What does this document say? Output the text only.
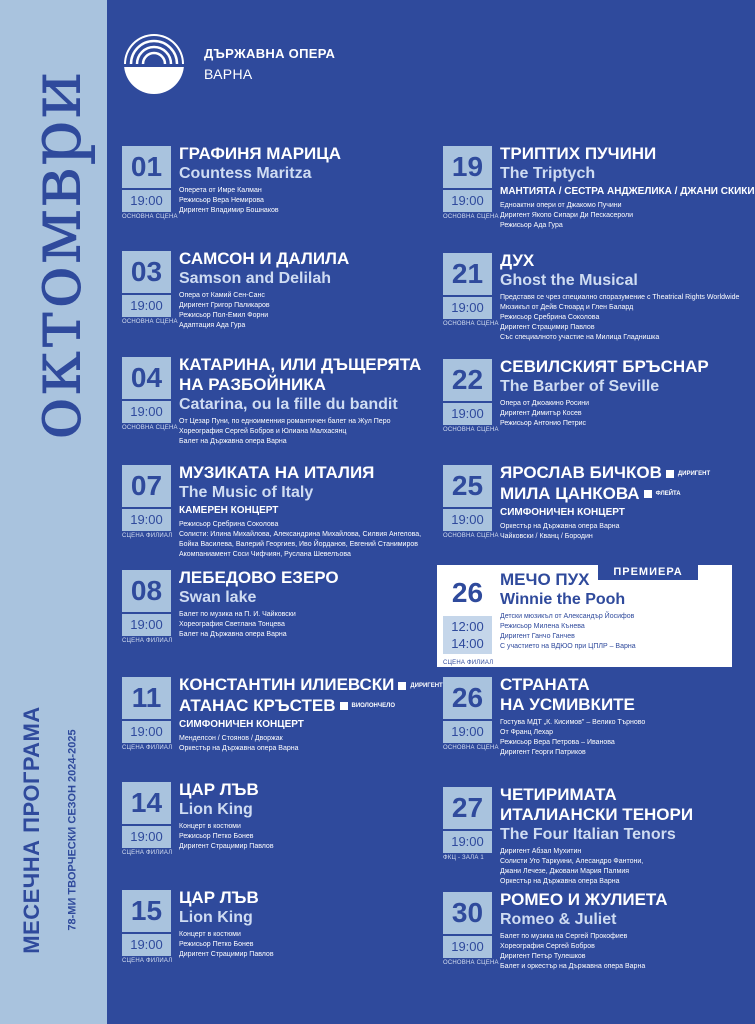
октомври
МЕСЕЧНА ПРОГРАМА 78-МИ ТВОРЧЕСКИ СЕЗОН 2024-2025
ДЪРЖАВНА ОПЕРА
ВАРНА
01
19:00
ОСНОВНА СЦЕНА
ГРАФИНЯ МАРИЦА
Countess Maritza
Оперета от Имре Калман
Режисьор Вера Немирова
Диригент Владимир Бошнаков
03
19:00
ОСНОВНА СЦЕНА
САМСОН И ДАЛИЛА
Samson and Delilah
Опера от Камий Сен-Санс
Диригент Григор Паликаров
Режисьор Пол-Емил Форни
Адаптация Ада Гура
04
19:00
ОСНОВНА СЦЕНА
КАТАРИНА, ИЛИ ДЪЩЕРЯТА
НА РАЗБОЙНИКА
Catarina, ou la fille du bandit
От Цезар Пуни, по едноименния романтичен балет на Жул Перо
Хореография Сергей Бобров и Юлиана Малхасянц
Балет на Държавна опера Варна
07
19:00
СЦЕНА ФИЛИАЛ
МУЗИКАТА НА ИТАЛИЯ
The Music of Italy
КАМЕРЕН КОНЦЕРТ
Режисьор Сребрина Соколова
Солисти: Илина Михайлова, Александрина Михайлова, Силвия Ангелова,
Бойка Василева, Валерий Георгиев, Ивo Йорданов, Евгений Станимиров
Акомпаниамент Соси Чифчиян, Руслана Шевелъова
08
19:00
СЦЕНА ФИЛИАЛ
ЛЕБЕДОВО ЕЗЕРО
Swan lake
Балет по музика на П. И. Чайковски
Хореография Светлана Тонцева
Балет на Държавна опера Варна
11
19:00
СЦЕНА ФИЛИАЛ
КОНСТАНТИН ИЛИЕВСКИ	ДИРИГЕНТ
АТАНАС КРЪСТЕВ	ВИОЛОНЧЕЛО
СИМФОНИЧЕН КОНЦЕРТ
Менделсон / Стоянов / Дворжак
Оркестър на Държавна опера Варна
14
19:00
СЦЕНА ФИЛИАЛ
ЦАР ЛЪВ
Lion King
Концерт в костюми
Режисьор Петко Бонев
Диригент Страцимир Павлов
15
19:00
СЦЕНА ФИЛИАЛ
ЦАР ЛЪВ
Lion King
Концерт в костюми
Режисьор Петко Бонев
Диригент Страцимир Павлов
19
19:00
ОСНОВНА СЦЕНА
ТРИПТИХ ПУЧИНИ
The Triptych
МАНТИЯТА / СЕСТРА АНДЖЕЛИКА / ДЖАНИ СКИКИ
Едноактни опери от Джакомо Пучини
Диригент Якопо Сипари Ди Пескасероли
Режисьор Ада Гура
21
19:00
ОСНОВНА СЦЕНА
ДУХ
Ghost the Musical
Представя се чрез специално споразумение с Theatrical Rights Worldwide
Мюзикъл от Дейв Стюард и Глен Балард
Режисьор Сребрина Соколова
Диригент Страцимир Павлов
Със специалното участие на Милица Гладнишка
22
19:00
ОСНОВНА СЦЕНА
СЕВИЛСКИЯТ БРЪСНАР
The Barber of Seville
Опера от Джоакино Росини
Диригент Димитър Косев
Режисьор Антонио Петрис
25
19:00
ОСНОВНА СЦЕНА
ЯРОСЛАВ БИЧКОВ	ДИРИГЕНТ
МИЛА ЦАНКОВА	ФЛЕЙТА
СИМФОНИЧЕН КОНЦЕРТ
Оркестър на Държавна опера Варна
Чайковски / Кванц / Бородин
26
12:00
14:00
СЦЕНА ФИЛИАЛ
МЕЧО ПУХ
Winnie the Pooh
Детски мюзикъл от Александър Йосифов
Режисьор Милена Кънева
Диригент Ганчо Ганчев
С участието на ВДЮО при ЦПЛР – Варна
26
19:00
ОСНОВНА СЦЕНА
СТРАНАТА
НА УСМИВКИТЕ
Гостува МДТ „К. Кисимов" – Велико Търново
От Франц Лехар
Режисьор Вера Петрова – Иванова
Диригент Георги Патриков
27
19:00
ФКЦ - ЗАЛА 1
ЧЕТИРИМАТА
ИТАЛИАНСКИ ТЕНОРИ
The Four Italian Tenors
Диригент Абзал Мухитин
Солисти Уго Таркуини, Алесандро Фантони,
Джани Лечезе, Джовани Мария Палмия
Оркестър на Държавна опера Варна
30
19:00
ОСНОВНА СЦЕНА
РОМЕО И ЖУЛИЕТА
Romeo & Juliet
Балет по музика на Сергей Прокофиев
Хореография Сергей Бобров
Диригент Петър Тулешков
Балет и оркестър на Държавна опера Варна
ПРЕМИЕРА
